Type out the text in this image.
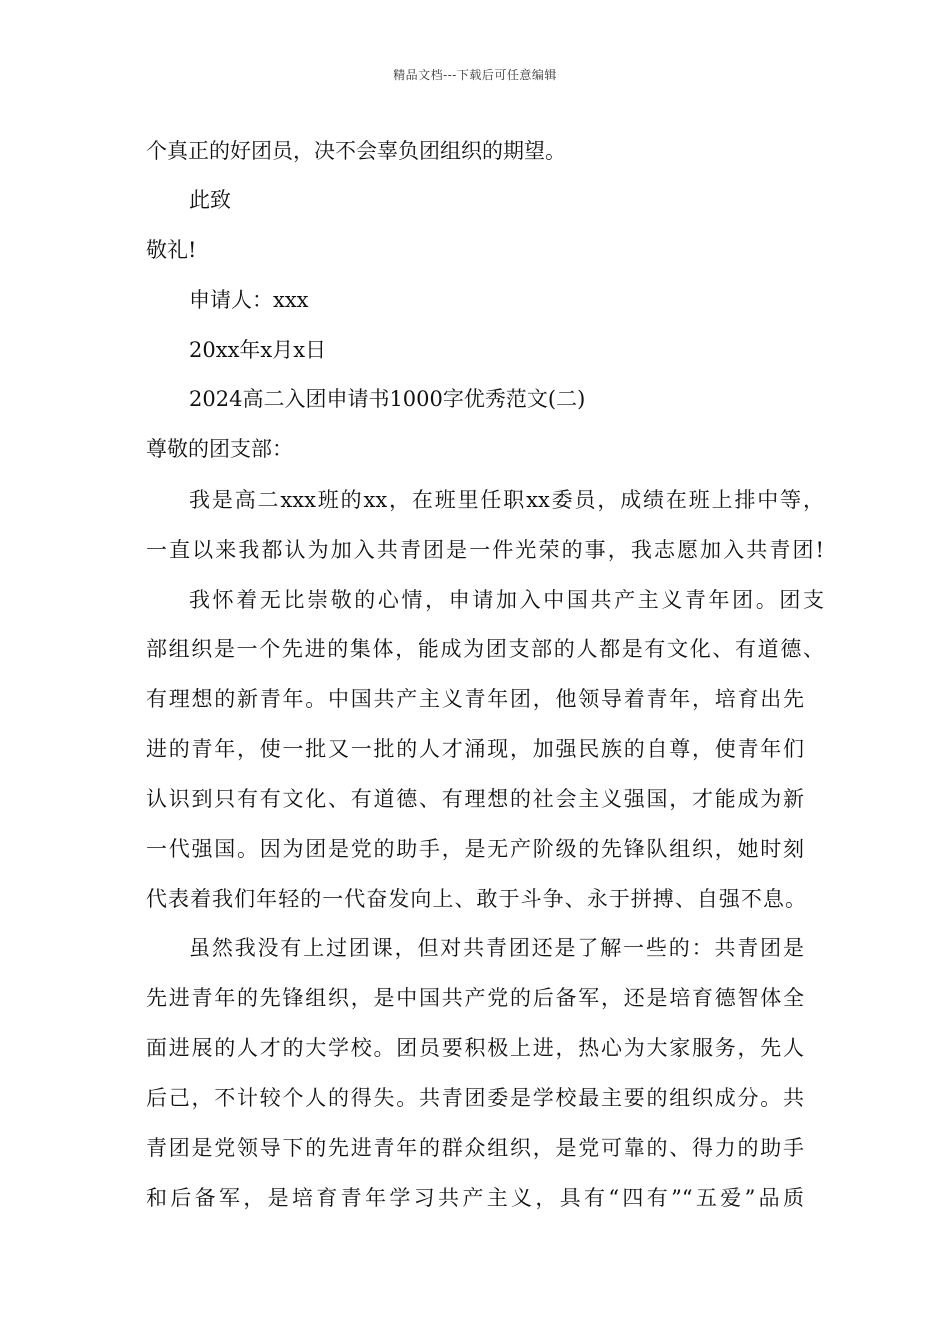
精品文档---下载后可任意编辑
个真正的好团员，决不会辜负团组织的期望。
此致
敬礼!
申请人：xxx
20xx年x月x日
2024高二入团申请书1000字优秀范文(二)
尊敬的团支部：
我是高二xxx班的xx，在班里任职xx委员，成绩在班上排中等，
一直以来我都认为加入共青团是一件光荣的事，我志愿加入共青团!
我怀着无比崇敬的心情，申请加入中国共产主义青年团。团支
部组织是一个先进的集体，能成为团支部的人都是有文化、有道德、
有理想的新青年。中国共产主义青年团，他领导着青年，培育出先
进的青年，使一批又一批的人才涌现，加强民族的自尊，使青年们
认识到只有有文化、有道德、有理想的社会主义强国，才能成为新
一代强国。因为团是党的助手，是无产阶级的先锋队组织，她时刻
代表着我们年轻的一代奋发向上、敢于斗争、永于拼搏、自强不息。
虽然我没有上过团课，但对共青团还是了解一些的：共青团是
先进青年的先锋组织，是中国共产党的后备军，还是培育德智体全
面进展的人才的大学校。团员要积极上进，热心为大家服务，先人
后己，不计较个人的得失。共青团委是学校最主要的组织成分。共
青团是党领导下的先进青年的群众组织，是党可靠的、得力的助手
和后备军，是培育青年学习共产主义，具有“四有”“五爱”品质
